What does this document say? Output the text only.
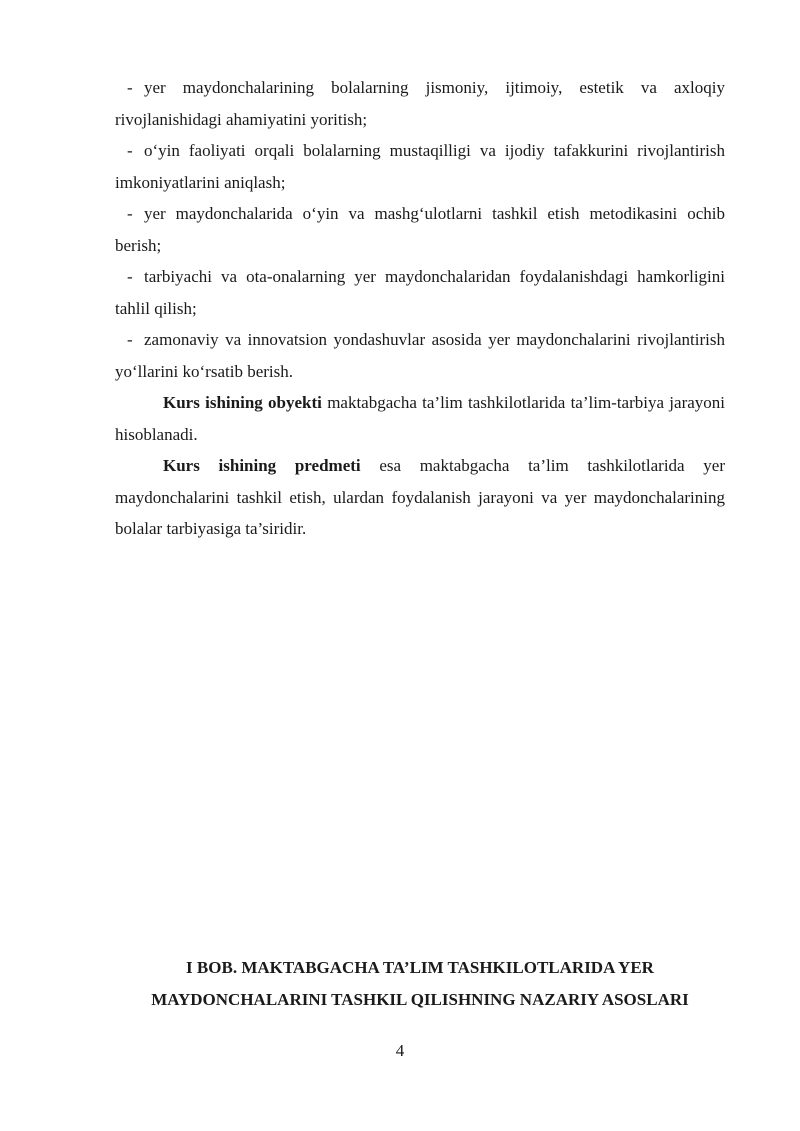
- yer maydonchalarining bolalarning jismoniy, ijtimoiy, estetik va axloqiy rivojlanishidagi ahamiyatini yoritish;

- o‘yin faoliyati orqali bolalarning mustaqilligi va ijodiy tafakkurini rivojlantirish imkoniyatlarini aniqlash;

- yer maydonchalarida o‘yin va mashg‘ulotlarni tashkil etish metodikasini ochib berish;

- tarbiyachi va ota-onalarning yer maydonchalaridan foydalanishdagi hamkorligini tahlil qilish;

- zamonaviy va innovatsion yondashuvlar asosida yer maydonchalarini rivojlantirish yo‘llarini ko‘rsatib berish.

Kurs ishining obyekti maktabgacha ta’lim tashkilotlarida ta’lim-tarbiya jarayoni hisoblanadi.

Kurs ishining predmeti esa maktabgacha ta’lim tashkilotlarida yer maydonchalarini tashkil etish, ulardan foydalanish jarayoni va yer maydonchalarining bolalar tarbiyasiga ta’siridir.

I BOB. MAKTABGACHA TA’LIM TASHKILOTLARIDA YER
MAYDONCHALARINI TASHKIL QILISHNING NAZARIY ASOSLARI
4
